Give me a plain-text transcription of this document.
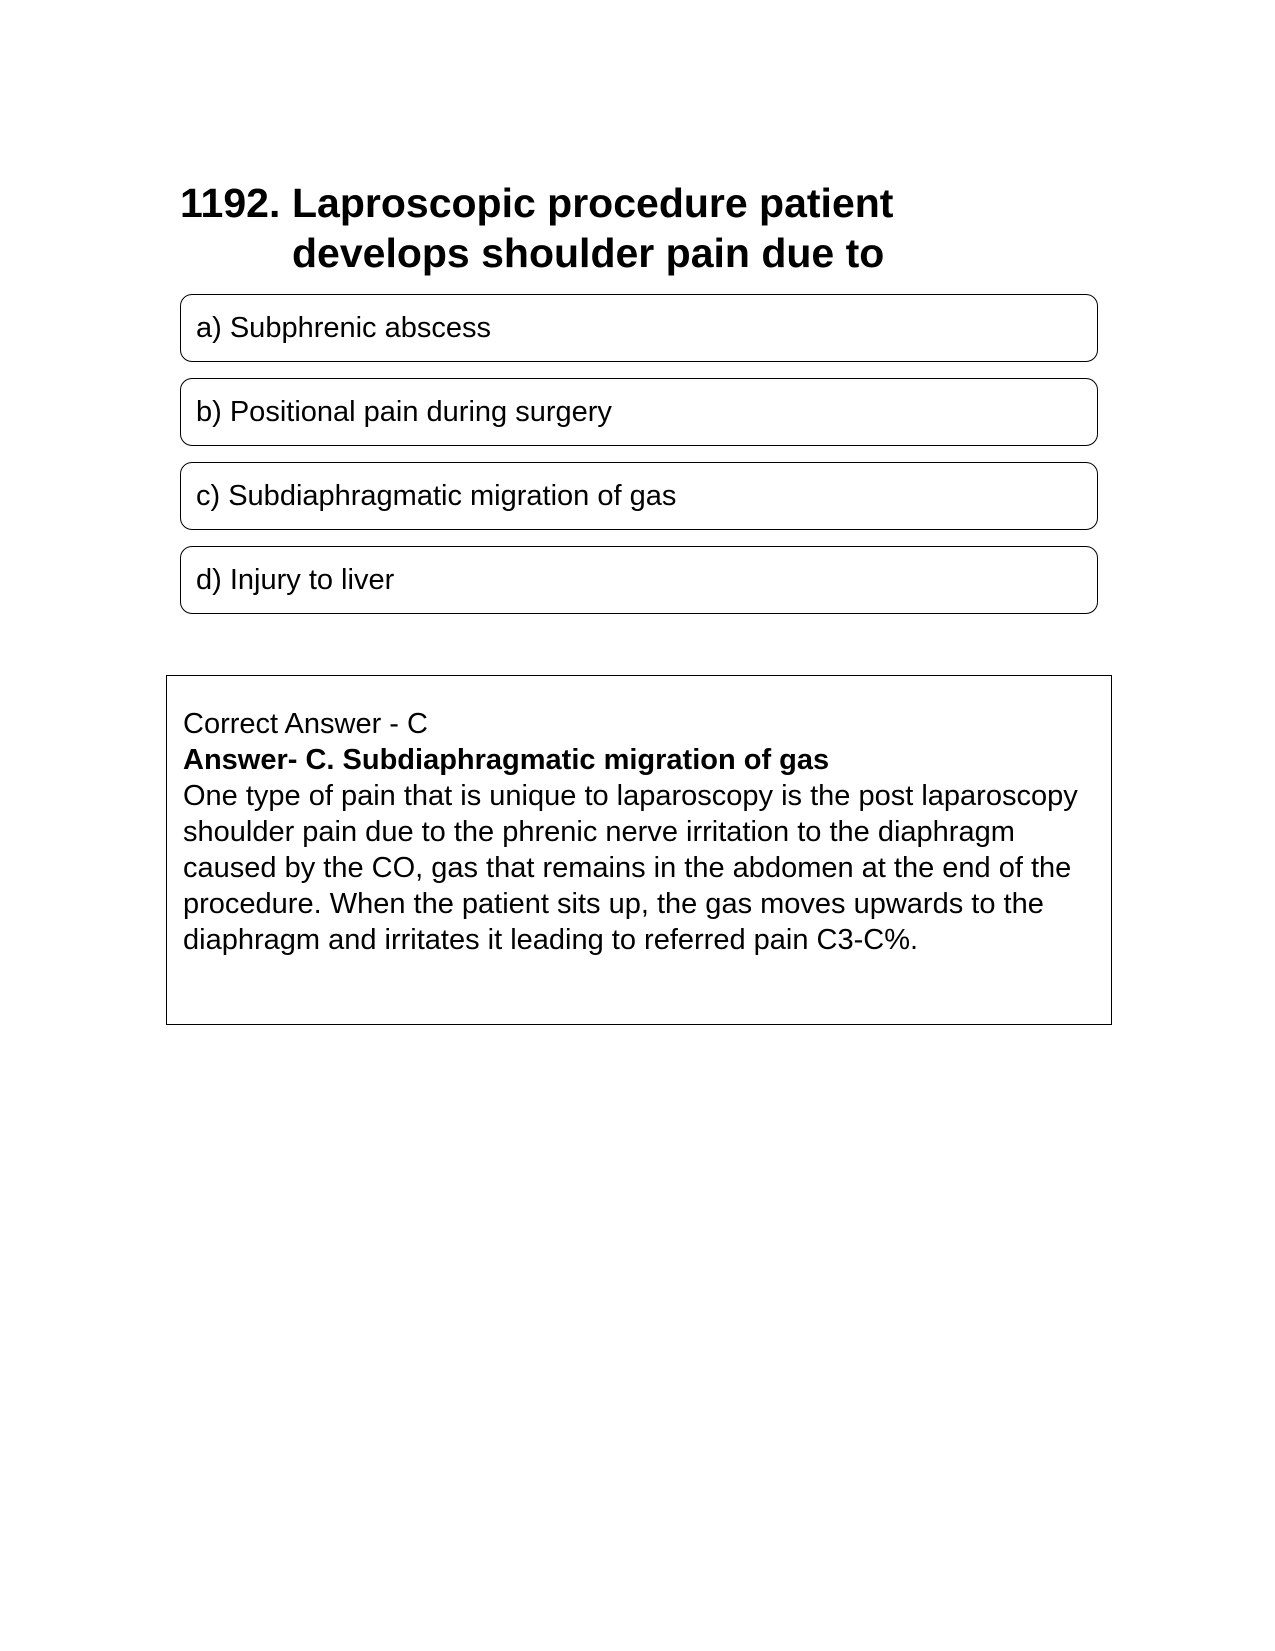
1192. Laproscopic procedure patient develops shoulder pain due to
a) Subphrenic abscess
b) Positional pain during surgery
c) Subdiaphragmatic migration of gas
d) Injury to liver
Correct Answer - C
Answer- C. Subdiaphragmatic migration of gas
One type of pain that is unique to laparoscopy is the post laparoscopy shoulder pain due to the phrenic nerve irritation to the diaphragm caused by the CO, gas that remains in the abdomen at the end of the procedure. When the patient sits up, the gas moves upwards to the diaphragm and irritates it leading to referred pain C3-C%.
